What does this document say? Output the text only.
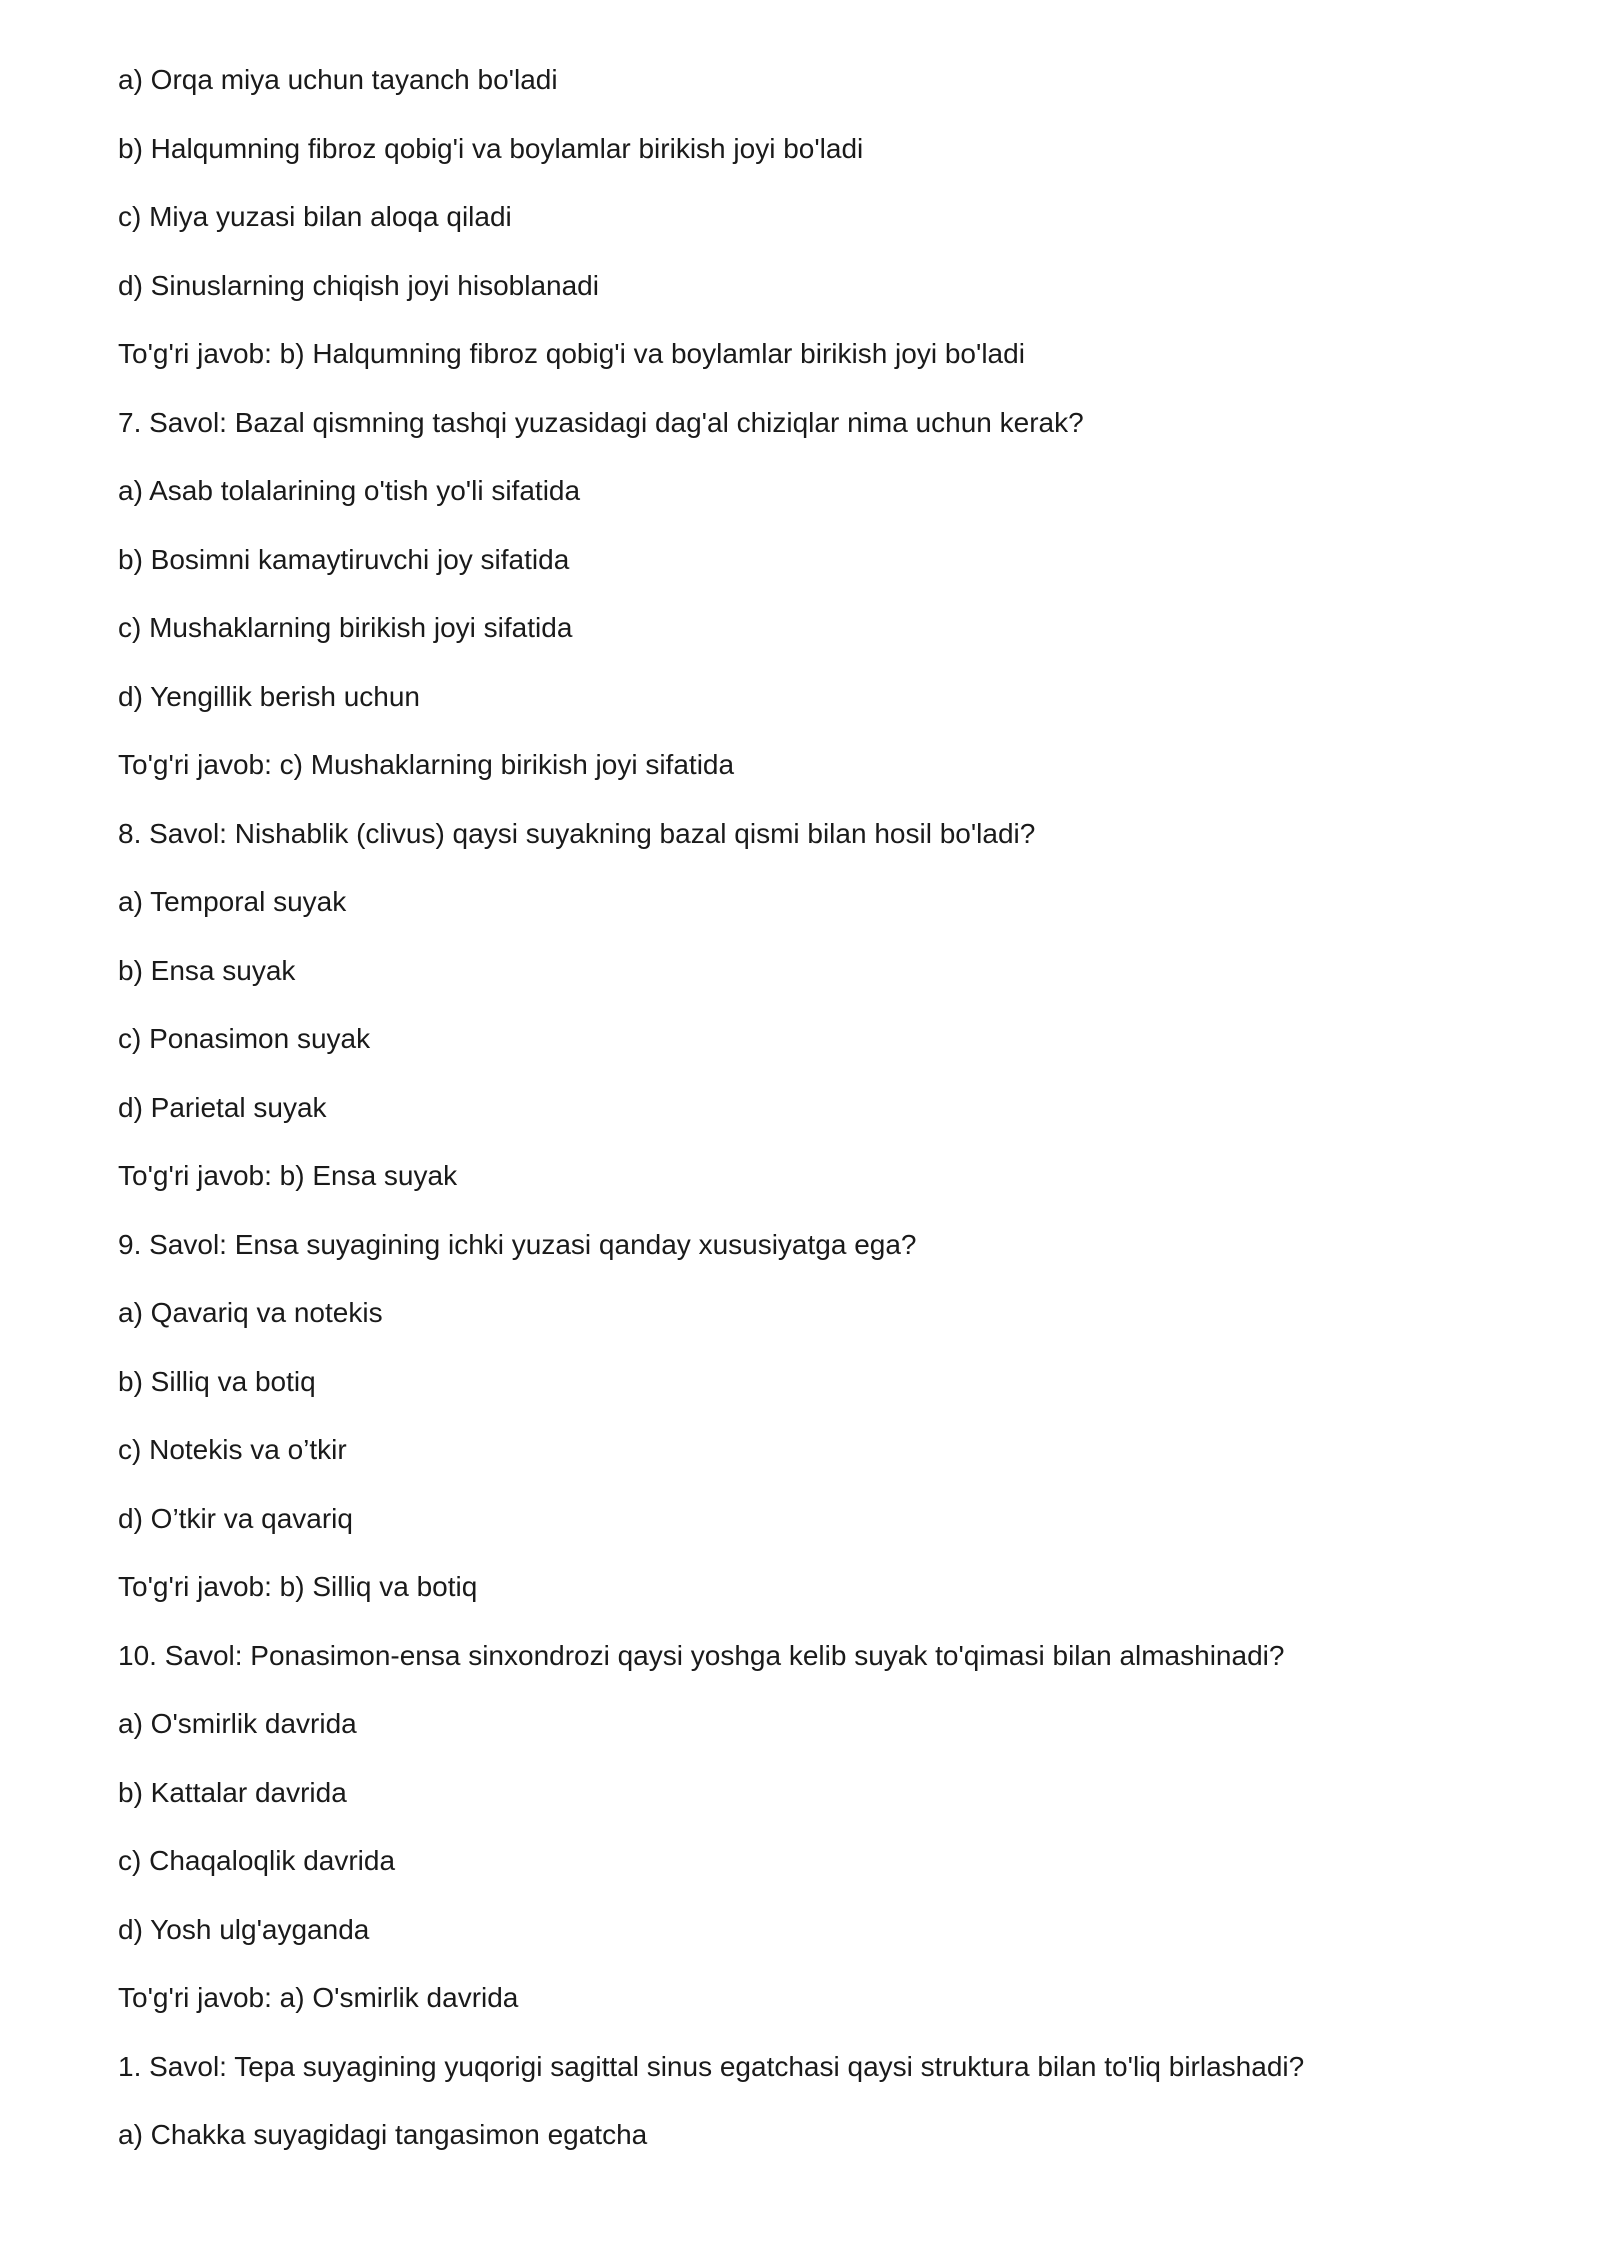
a) Orqa miya uchun tayanch bo'ladi

b) Halqumning fibroz qobig'i va boylamlar birikish joyi bo'ladi

c) Miya yuzasi bilan aloqa qiladi

d) Sinuslarning chiqish joyi hisoblanadi

To'g'ri javob: b) Halqumning fibroz qobig'i va boylamlar birikish joyi bo'ladi

7. Savol: Bazal qismning tashqi yuzasidagi dag'al chiziqlar nima uchun kerak?

a) Asab tolalarining o'tish yo'li sifatida

b) Bosimni kamaytiruvchi joy sifatida

c) Mushaklarning birikish joyi sifatida

d) Yengillik berish uchun

To'g'ri javob: c) Mushaklarning birikish joyi sifatida

8. Savol: Nishablik (clivus) qaysi suyakning bazal qismi bilan hosil bo'ladi?

a) Temporal suyak

b) Ensa suyak

c) Ponasimon suyak

d) Parietal suyak

To'g'ri javob: b) Ensa suyak

9. Savol: Ensa suyagining ichki yuzasi qanday xususiyatga ega?

a) Qavariq va notekis

b) Silliq va botiq

c) Notekis va o’tkir

d) O’tkir va qavariq

To'g'ri javob: b) Silliq va botiq

10. Savol: Ponasimon-ensa sinxondrozi qaysi yoshga kelib suyak to'qimasi bilan almashinadi?

a) O'smirlik davrida

b) Kattalar davrida

c) Chaqaloqlik davrida

d) Yosh ulg'ayganda

To'g'ri javob: a) O'smirlik davrida

1. Savol: Tepa suyagining yuqorigi sagittal sinus egatchasi qaysi struktura bilan to'liq birlashadi?

a) Chakka suyagidagi tangasimon egatcha
